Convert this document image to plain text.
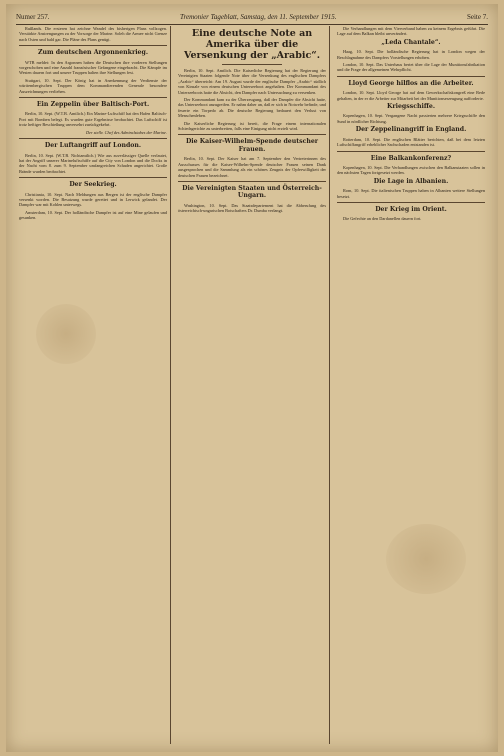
Numer 257.	Tremonier Tageblatt, Samstag, den 11. September 1915.	Seite 7.

Rußlands. Die ersteren hat zeichne Wandel des bisherigen Plans vollzogen. Verstärkte Anstrengungen zu der Vorsorge der Marine. Soleh die Armee nicht Grenze nach Osten und bald gar. Die Pläne des Plans genügt.

Zum deutschen Argonnenkrieg.

WTB meldet: In den Argonnen haben die Deutschen ihre vorderen Stellungen vorgeschoben und eine Anzahl französischer Gefangene eingebracht. Die Kämpfe im Westen dauern fort und unsere Truppen halten ihre Stellungen fest.

Stuttgart, 10. Sept. Der König hat in Anerkennung der Verdienste der württembergischen Truppen dem Kommandierenden Generale besondere Auszeichnungen verliehen.

Ein Zeppelin über Baltisch-Port.

Berlin, 10. Sept. (W.T.B. Amtlich.) Ein Marine-Luftschiff hat den Hafen Baltisch-Port mit Bomben belegt. Es wurden gute Ergebnisse beobachtet. Das Luftschiff ist trotz heftiger Beschießung unversehrt zurückgekehrt.

Der stellv. Chef des Admiralstabes der Marine.

Der Luftangriff auf London.

Berlin, 10. Sept. (W.T.B. Nichtamtlich.) Wie aus zuverlässiger Quelle verlautet, hat der Angriff unserer Marineluftschiffe auf die City von London und die Docks in der Nacht vom 8. zum 9. September umfangreichen Schaden angerichtet. Große Brände wurden beobachtet.

Der Seekrieg.

Christiania, 10. Sept. Nach Meldungen aus Bergen ist der englische Dampfer versenkt worden. Die Besatzung wurde gerettet und in Lerwick gelandet. Der Dampfer war mit Kohlen unterwegs.

Amsterdam, 10. Sept. Der holländische Dampfer ist auf eine Mine gelaufen und gesunken.

Eine deutsche Note an Amerika über die Versenkung der „Arabic“.

Berlin, 10. Sept. Amtlich. Die Kaiserliche Regierung hat der Regierung der Vereinigten Staaten folgende Note über die Versenkung des englischen Dampfers „Arabic“ überreicht: Am 19. August wurde der englische Dampfer „Arabic“ südlich von Kinsale von einem deutschen Unterseeboot angehalten. Der Kommandant des Unterseeboots hatte die Absicht, den Dampfer nach Untersuchung zu versenken.

Der Kommandant kam zu der Überzeugung, daß der Dampfer die Absicht hatte, das Unterseeboot anzugreifen. Er nahm daher an, daß er sich in Notwehr befinde, und feuerte ein Torpedo ab. Die deutsche Regierung bedauert den Verlust von Menschenleben.

Die Kaiserliche Regierung ist bereit, die Frage einem internationalen Schiedsgerichte zu unterbreiten, falls eine Einigung nicht erzielt wird.

Die Kaiser-Wilhelm-Spende deutscher Frauen.

Berlin, 10. Sept. Der Kaiser hat am 7. September den Vertreterinnen des Ausschusses für die Kaiser-Wilhelm-Spende deutscher Frauen seinen Dank ausgesprochen und die Sammlung als ein schönes Zeugnis der Opferwilligkeit der deutschen Frauen bezeichnet.

Die Vereinigten Staaten und Österreich-Ungarn.

Washington, 10. Sept. Das Staatsdepartement hat die Abberufung des österreichisch-ungarischen Botschafters Dr. Dumba verlangt.

Die Verhandlungen mit dem Vierverband haben zu keinem Ergebnis geführt. Die Lage auf dem Balkan bleibt unverändert.

„Leda Chantale“.

Haag, 10. Sept. Die holländische Regierung hat in London wegen der Beschlagnahme des Dampfers Vorstellungen erhoben.

London, 10. Sept. Das Unterhaus beriet über die Lage der Munitionsfabrikation und die Frage der allgemeinen Wehrpflicht.

Lloyd George hilflos an die Arbeiter.

London, 10. Sept. Lloyd George hat auf dem Gewerkschaftskongreß eine Rede gehalten, in der er die Arbeiter zur Mitarbeit bei der Munitionserzeugung aufforderte.

Kriegsschiffe.

Kopenhagen, 10. Sept. Vergangene Nacht passierten mehrere Kriegsschiffe den Sund in nördlicher Richtung.

Der Zeppelinangriff in England.

Rotterdam, 10. Sept. Die englischen Blätter berichten, daß bei dem letzten Luftschiffangriff erheblicher Sachschaden entstanden ist.

Eine Balkankonferenz?

Kopenhagen, 10. Sept. Die Verhandlungen zwischen den Balkanstaaten sollen in den nächsten Tagen fortgesetzt werden.

Die Lage in Albanien.

Rom, 10. Sept. Die italienischen Truppen haben in Albanien weitere Stellungen besetzt.

Der Krieg im Orient.

Die Gefechte an den Dardanellen dauern fort.
